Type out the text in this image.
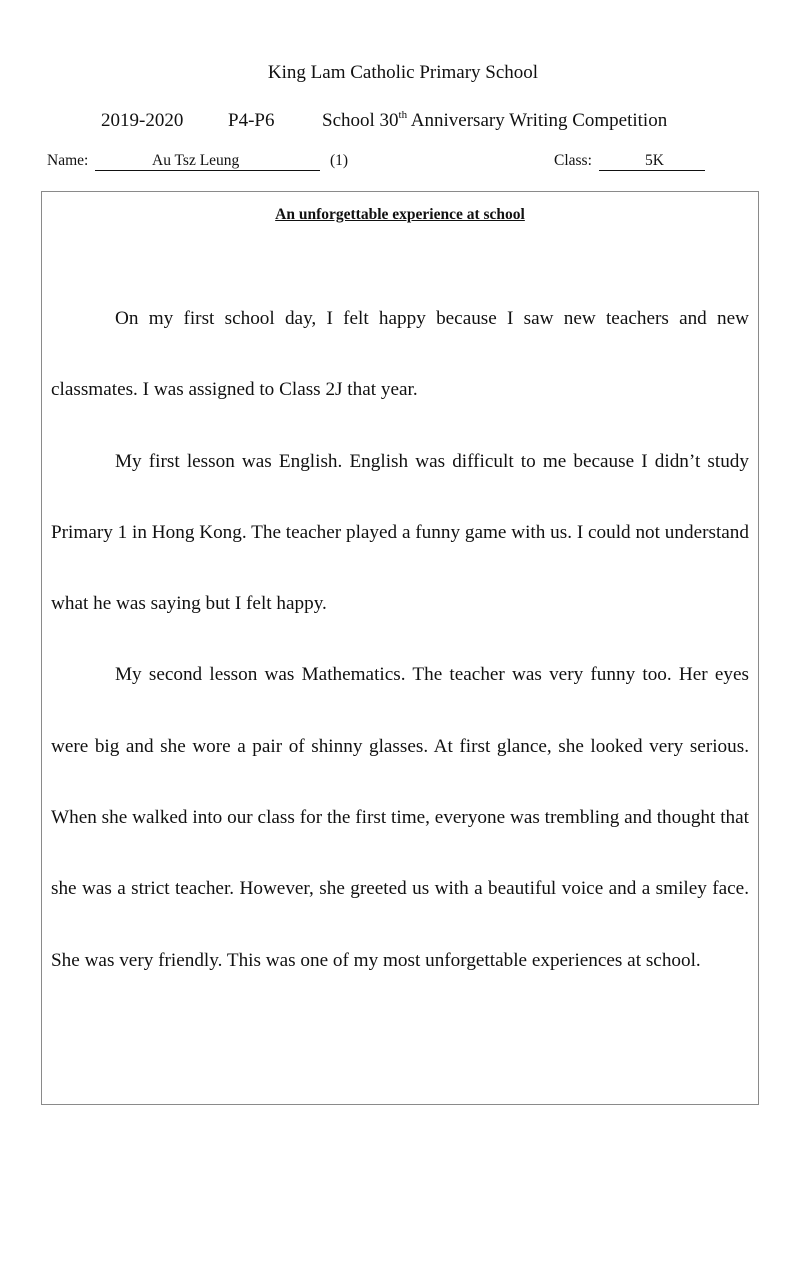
King Lam Catholic Primary School
2019-2020 P4-P6	School 30th Anniversary Writing Competition
Name:	Au Tsz Leung	(1)	Class:	5K
An unforgettable experience at school

On my first school day, I felt happy because I saw new teachers and new classmates. I was assigned to Class 2J that year.

My first lesson was English. English was difficult to me because I didn’t study Primary 1 in Hong Kong. The teacher played a funny game with us. I could not understand what he was saying but I felt happy.

My second lesson was Mathematics. The teacher was very funny too. Her eyes were big and she wore a pair of shinny glasses. At first glance, she looked very serious. When she walked into our class for the first time, everyone was trembling and thought that she was a strict teacher. However, she greeted us with a beautiful voice and a smiley face. She was very friendly. This was one of my most unforgettable experiences at school.
